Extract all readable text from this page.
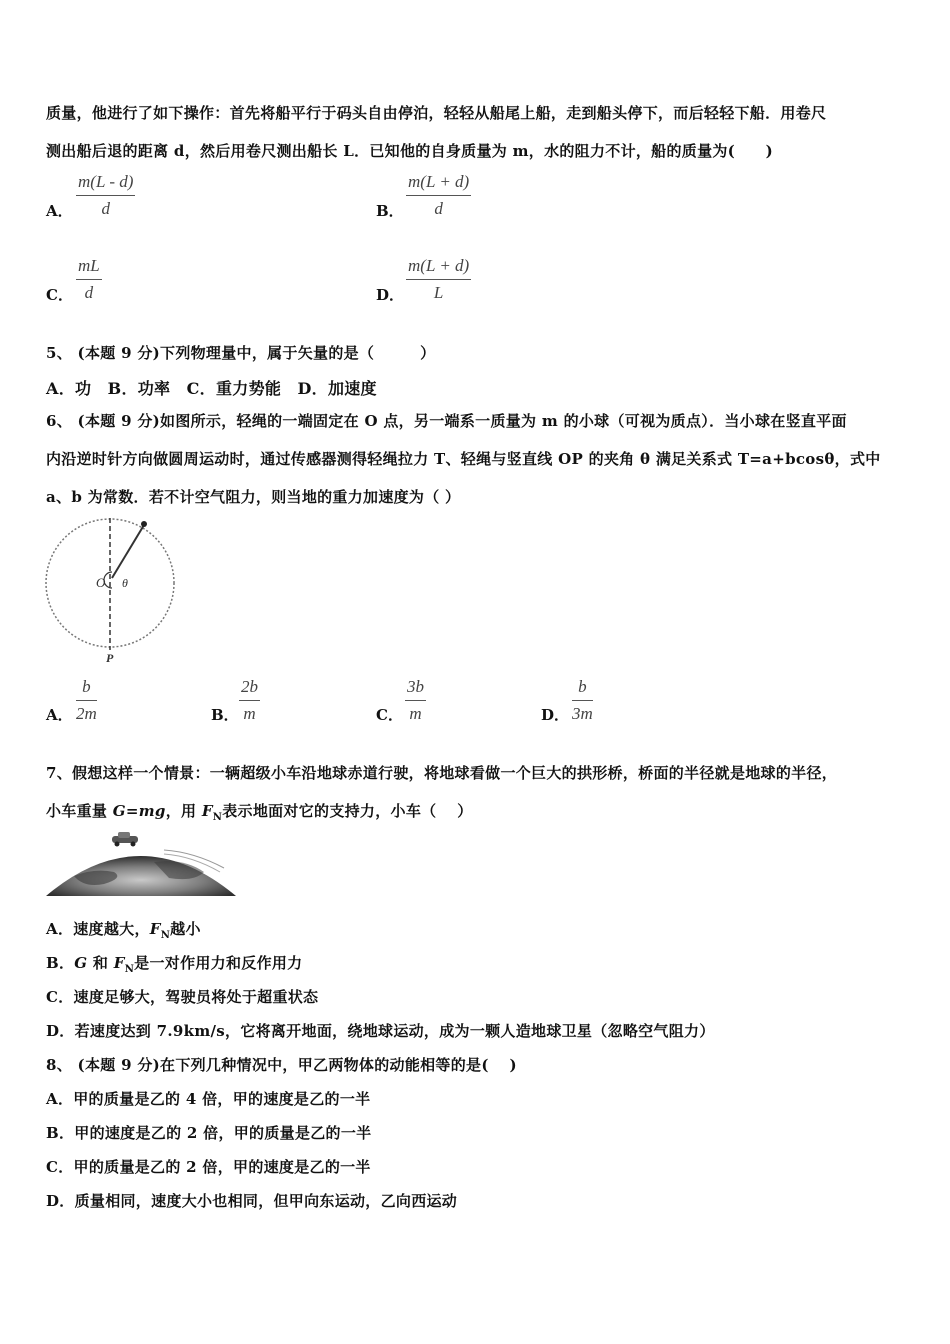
质量，他进行了如下操作：首先将船平行于码头自由停泊，轻轻从船尾上船，走到船头停下，而后轻轻下船．用卷尺
测出船后退的距离 d，然后用卷尺测出船长 L．已知他的自身质量为 m，水的阻力不计，船的质量为(　　)
A．
m(L - d)
d	B．
m(L + d)
d
C．
mL
d	D．
m(L + d)
L
5、 (本题 9 分)下列物理量中，属于矢量的是（　　　）
A．功　B．功率　C．重力势能　D．加速度
6、 (本题 9 分)如图所示，轻绳的一端固定在 O 点，另一端系一质量为 m 的小球（可视为质点）．当小球在竖直平面
内沿逆时针方向做圆周运动时，通过传感器测得轻绳拉力 T、轻绳与竖直线 OP 的夹角 θ 满足关系式 T=a+bcosθ，式中
a、b 为常数．若不计空气阻力，则当地的重力加速度为（ ）
O θ
P
A．
b
2m	B．
2b
m	C．
3b
m	D．
b
3m
7、假想这样一个情景：一辆超级小车沿地球赤道行驶，将地球看做一个巨大的拱形桥，桥面的半径就是地球的半径，
小车重量 G=mg，用 $F_N$表示地面对它的支持力，小车（　 ）
A．速度越大，$F_N$越小
B．G 和 $F_N$是一对作用力和反作用力
C．速度足够大，驾驶员将处于超重状态
D．若速度达到 7.9km/s，它将离开地面，绕地球运动，成为一颗人造地球卫星（忽略空气阻力）
8、 (本题 9 分)在下列几种情况中，甲乙两物体的动能相等的是(　 )
A．甲的质量是乙的 4 倍，甲的速度是乙的一半
B．甲的速度是乙的 2 倍，甲的质量是乙的一半
C．甲的质量是乙的 2 倍，甲的速度是乙的一半
D．质量相同，速度大小也相同，但甲向东运动，乙向西运动
